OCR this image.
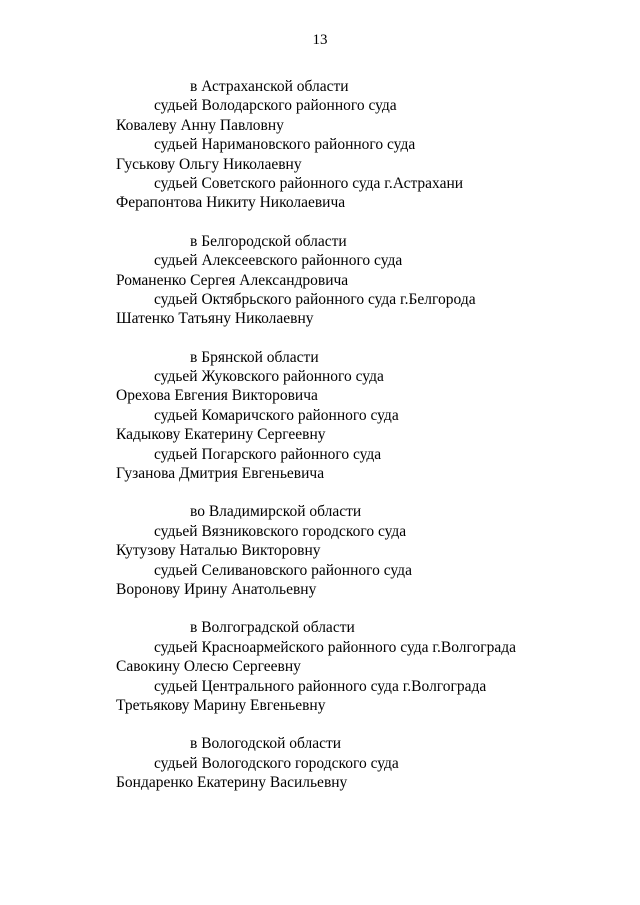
13
в Астраханской области
судьей Володарского районного суда
Ковалеву Анну Павловну
судьей Наримановского районного суда
Гуськову Ольгу Николаевну
судьей Советского районного суда г.Астрахани
Ферапонтова Никиту Николаевича
в Белгородской области
судьей Алексеевского районного суда
Романенко Сергея Александровича
судьей Октябрьского районного суда г.Белгорода
Шатенко Татьяну Николаевну
в Брянской области
судьей Жуковского районного суда
Орехова Евгения Викторовича
судьей Комаричского районного суда
Кадыкову Екатерину Сергеевну
судьей Погарского районного суда
Гузанова Дмитрия Евгеньевича
во Владимирской области
судьей Вязниковского городского суда
Кутузову Наталью Викторовну
судьей Селивановского районного суда
Воронову Ирину Анатольевну
в Волгоградской области
судьей Красноармейского районного суда г.Волгограда
Савокину Олесю Сергеевну
судьей Центрального районного суда г.Волгограда
Третьякову Марину Евгеньевну
в Вологодской области
судьей Вологодского городского суда
Бондаренко Екатерину Васильевну
